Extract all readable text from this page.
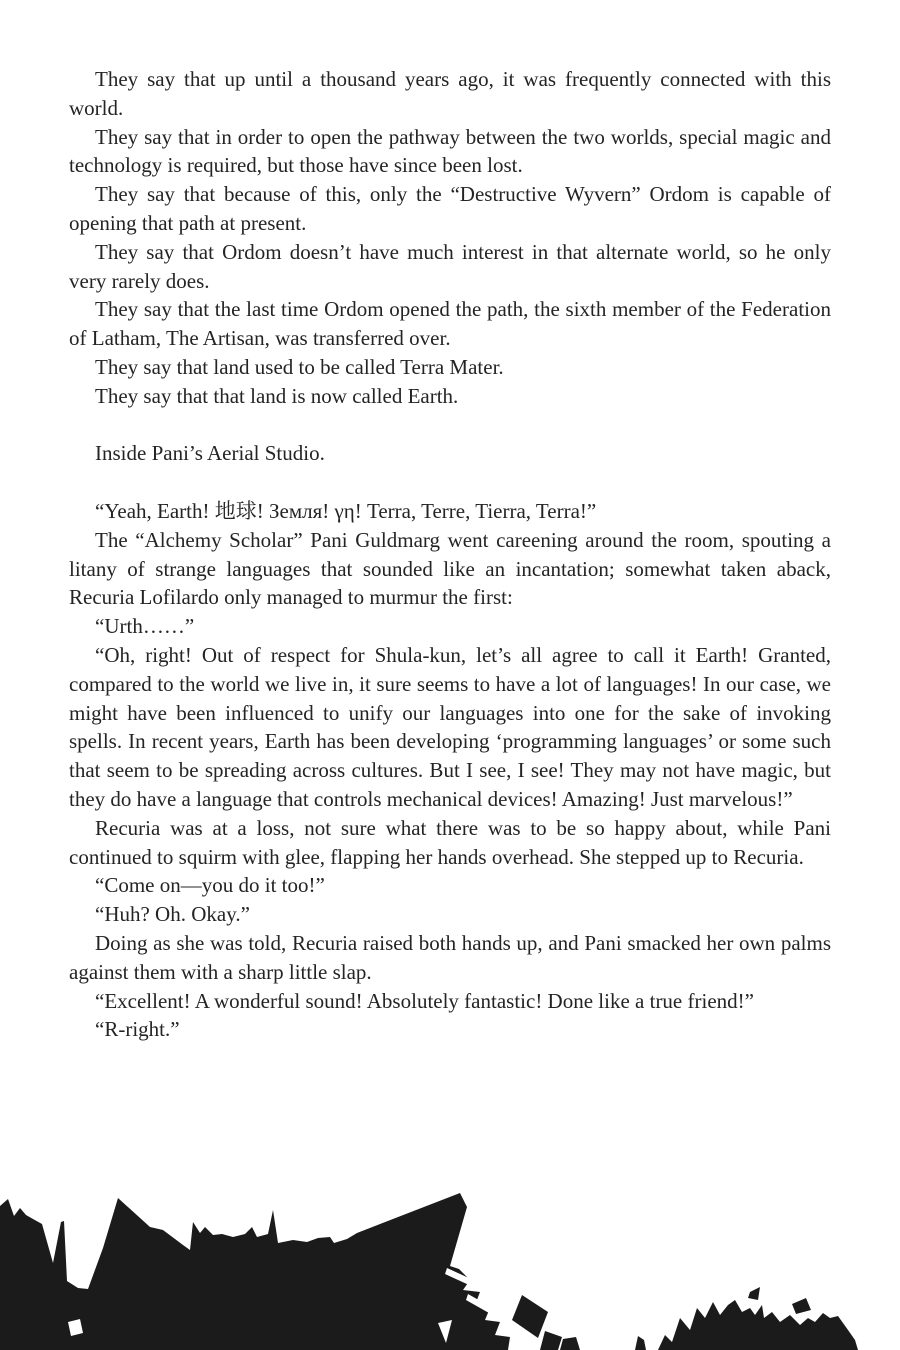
They say that up until a thousand years ago, it was frequently connected with this world.

They say that in order to open the pathway between the two worlds, special magic and technology is required, but those have since been lost.

They say that because of this, only the “Destructive Wyvern” Ordom is capable of opening that path at present.

They say that Ordom doesn’t have much interest in that alternate world, so he only very rarely does.

They say that the last time Ordom opened the path, the sixth member of the Federation of Latham, The Artisan, was transferred over.

They say that land used to be called Terra Mater.

They say that that land is now called Earth.

Inside Pani’s Aerial Studio.

“Yeah, Earth! 地球! Земля! γη! Terra, Terre, Tierra, Terra!”

The “Alchemy Scholar” Pani Guldmarg went careening around the room, spouting a litany of strange languages that sounded like an incantation; somewhat taken aback, Recuria Lofilardo only managed to murmur the first:

“Urth……”

“Oh, right! Out of respect for Shula-kun, let’s all agree to call it Earth! Granted, compared to the world we live in, it sure seems to have a lot of languages! In our case, we might have been influenced to unify our languages into one for the sake of invoking spells. In recent years, Earth has been developing ‘programming languages’ or some such that seem to be spreading across cultures. But I see, I see! They may not have magic, but they do have a language that controls mechanical devices! Amazing! Just marvelous!”

Recuria was at a loss, not sure what there was to be so happy about, while Pani continued to squirm with glee, flapping her hands overhead. She stepped up to Recuria.

“Come on—you do it too!”

“Huh? Oh. Okay.”

Doing as she was told, Recuria raised both hands up, and Pani smacked her own palms against them with a sharp little slap.

“Excellent! A wonderful sound! Absolutely fantastic! Done like a true friend!”

“R-right.”
